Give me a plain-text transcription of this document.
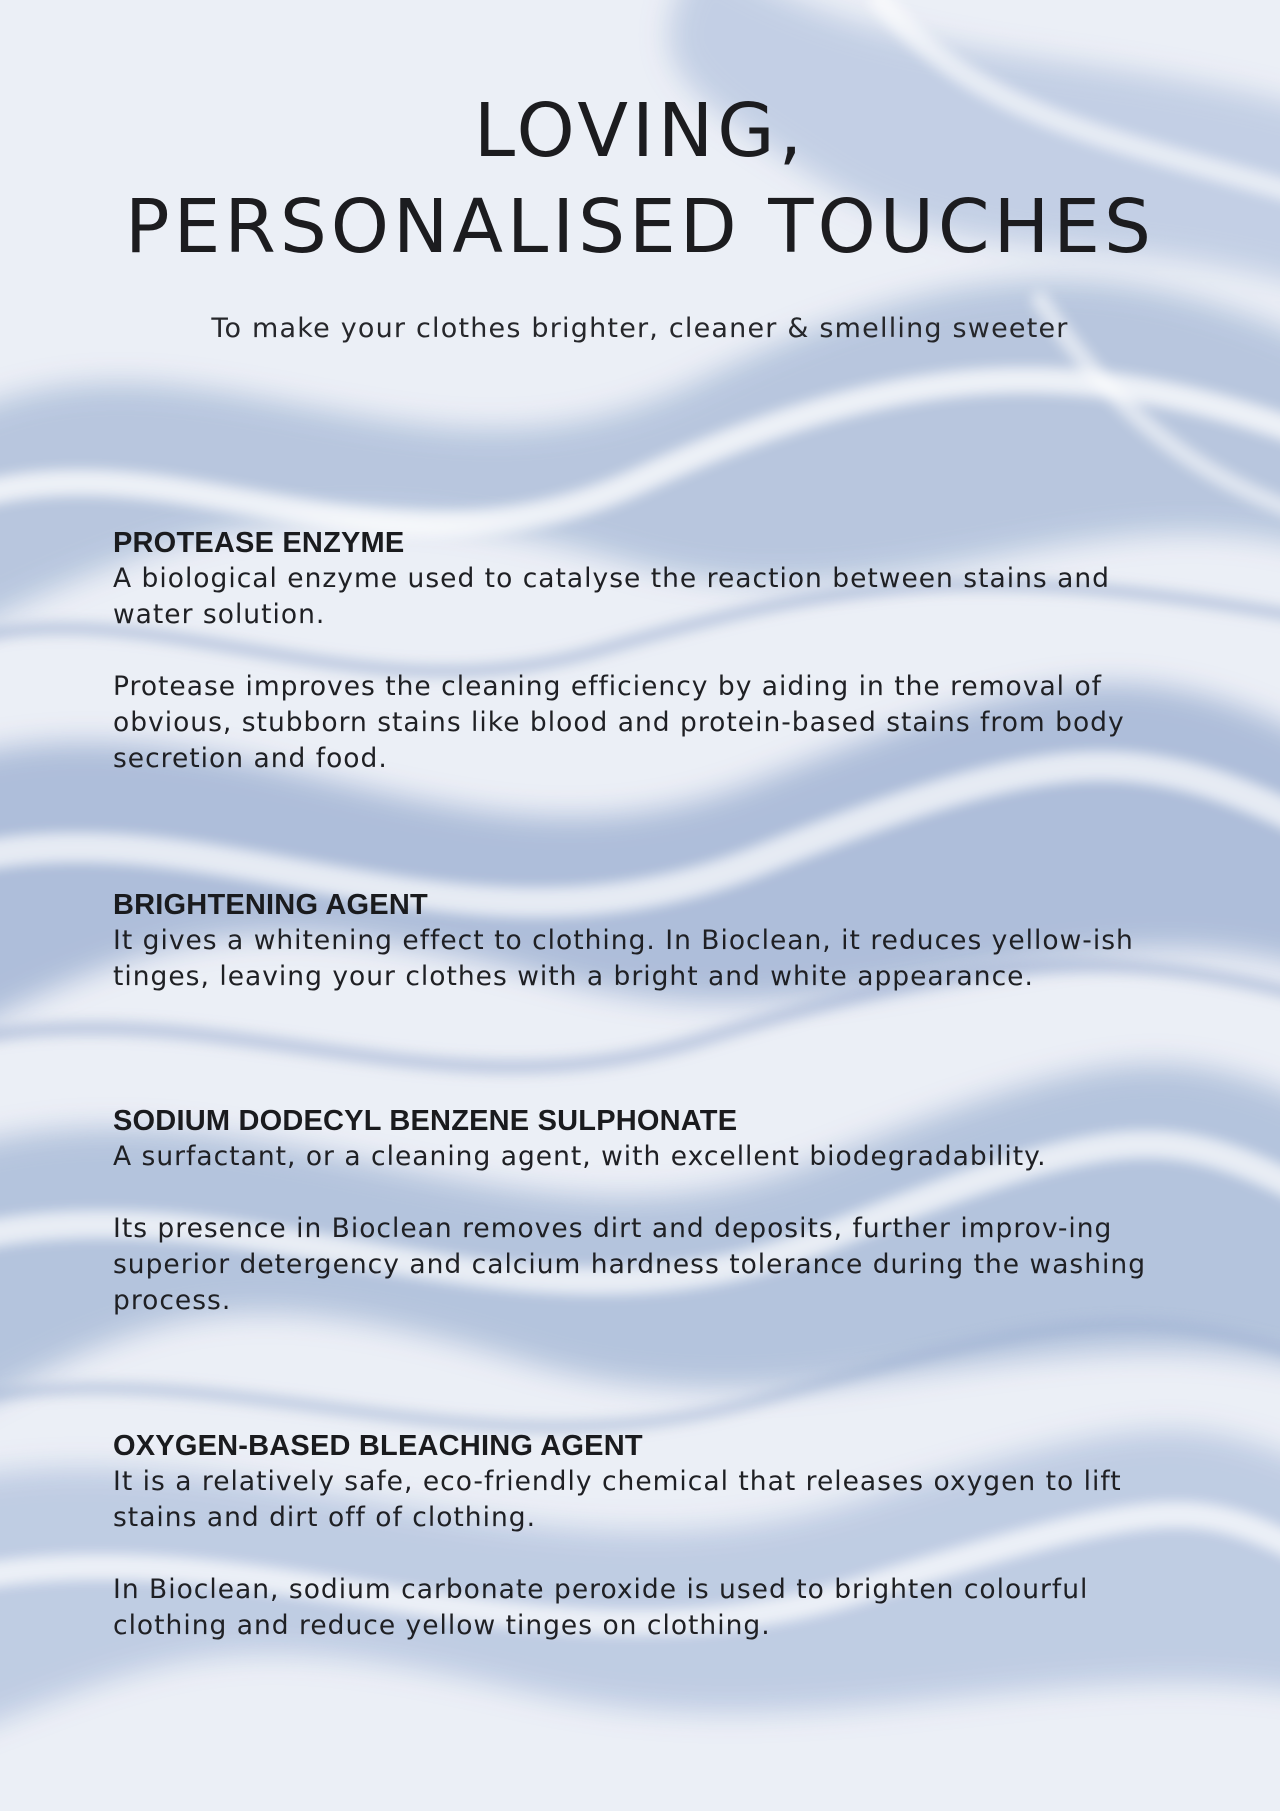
LOVING,
PERSONALISED TOUCHES
To make your clothes brighter, cleaner & smelling sweeter
PROTEASE ENZYME

A biological enzyme used to catalyse the reaction between stains and water solution.

Protease improves the cleaning efficiency by aiding in the removal of obvious, stubborn stains like blood and protein-based stains from body secretion and food.

BRIGHTENING AGENT

It gives a whitening effect to clothing. In Bioclean, it reduces yellow-ish tinges, leaving your clothes with a bright and white appearance.

SODIUM DODECYL BENZENE SULPHONATE

A surfactant, or a cleaning agent, with excellent biodegradability.

Its presence in Bioclean removes dirt and deposits, further improv-ing superior detergency and calcium hardness tolerance during the washing process.

OXYGEN-BASED BLEACHING AGENT

It is a relatively safe, eco-friendly chemical that releases oxygen to lift stains and dirt off of clothing.

In Bioclean, sodium carbonate peroxide is used to brighten colourful clothing and reduce yellow tinges on clothing.
